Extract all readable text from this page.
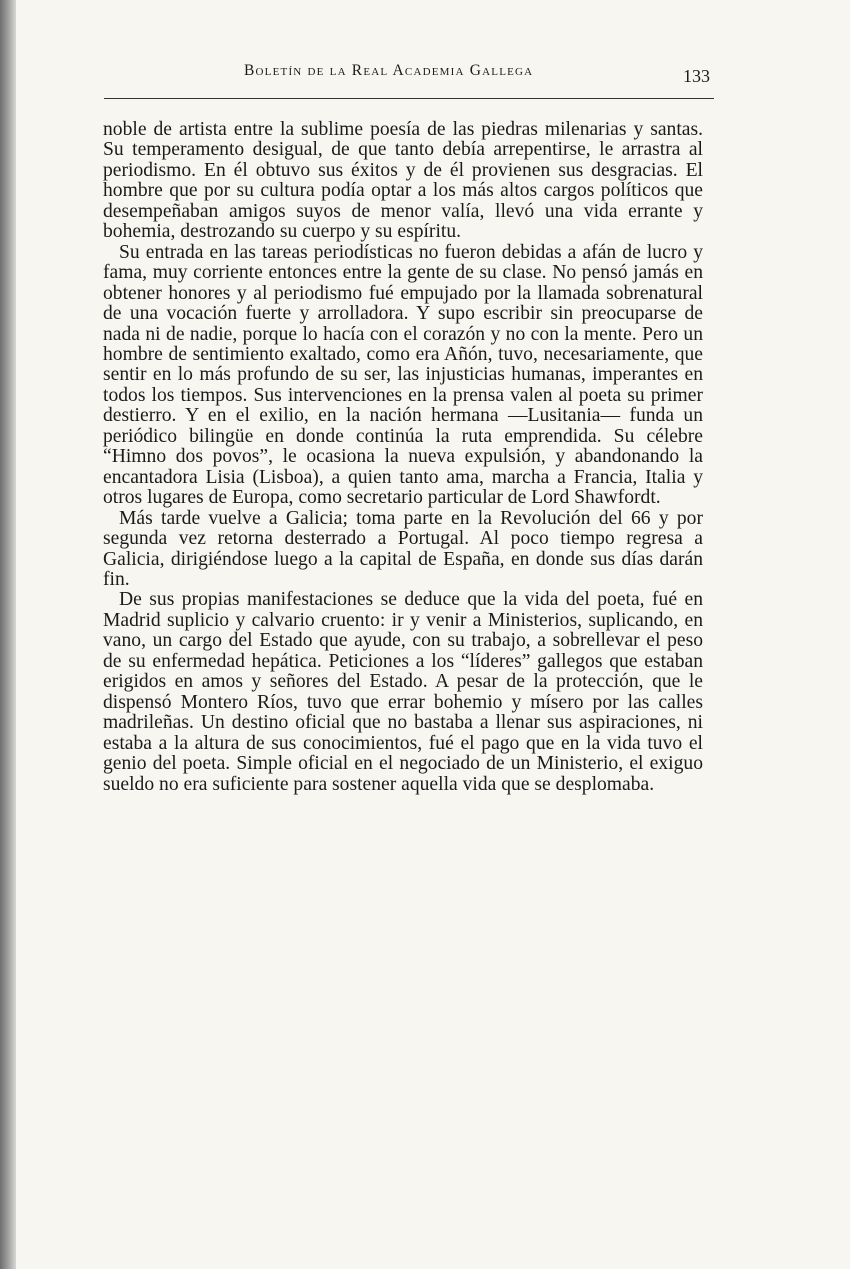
Boletín de la Real Academia Gallega	133

noble de artista entre la sublime poesía de las piedras milenarias y santas. Su temperamento desigual, de que tanto debía arrepentirse, le arrastra al periodismo. En él obtuvo sus éxitos y de él provienen sus desgracias. El hombre que por su cultura podía optar a los más altos cargos políticos que desempeñaban amigos suyos de menor valía, llevó una vida errante y bohemia, destrozando su cuerpo y su espíritu.

Su entrada en las tareas periodísticas no fueron debidas a afán de lucro y fama, muy corriente entonces entre la gente de su clase. No pensó jamás en obtener honores y al periodismo fué empujado por la llamada sobrenatural de una vocación fuerte y arrolladora. Y supo escribir sin preocuparse de nada ni de nadie, porque lo hacía con el corazón y no con la mente. Pero un hombre de sentimiento exaltado, como era Añón, tuvo, necesariamente, que sentir en lo más profundo de su ser, las injusticias humanas, imperantes en todos los tiempos. Sus intervenciones en la prensa valen al poeta su primer destierro. Y en el exilio, en la nación hermana —Lusitania— funda un periódico bilingüe en donde continúa la ruta emprendida. Su célebre “Himno dos povos”, le ocasiona la nueva expulsión, y abandonando la encantadora Lisia (Lisboa), a quien tanto ama, marcha a Francia, Italia y otros lugares de Europa, como secretario particular de Lord Shawfordt.

Más tarde vuelve a Galicia; toma parte en la Revolución del 66 y por segunda vez retorna desterrado a Portugal. Al poco tiempo regresa a Galicia, dirigiéndose luego a la capital de España, en donde sus días darán fin.

De sus propias manifestaciones se deduce que la vida del poeta, fué en Madrid suplicio y calvario cruento: ir y venir a Ministerios, suplicando, en vano, un cargo del Estado que ayude, con su trabajo, a sobrellevar el peso de su enfermedad hepática. Peticiones a los “líderes” gallegos que estaban erigidos en amos y señores del Estado. A pesar de la protección, que le dispensó Montero Ríos, tuvo que errar bohemio y mísero por las calles madrileñas. Un destino oficial que no bastaba a llenar sus aspiraciones, ni estaba a la altura de sus conocimientos, fué el pago que en la vida tuvo el genio del poeta. Simple oficial en el negociado de un Ministerio, el exiguo sueldo no era suficiente para sostener aquella vida que se desplomaba.
